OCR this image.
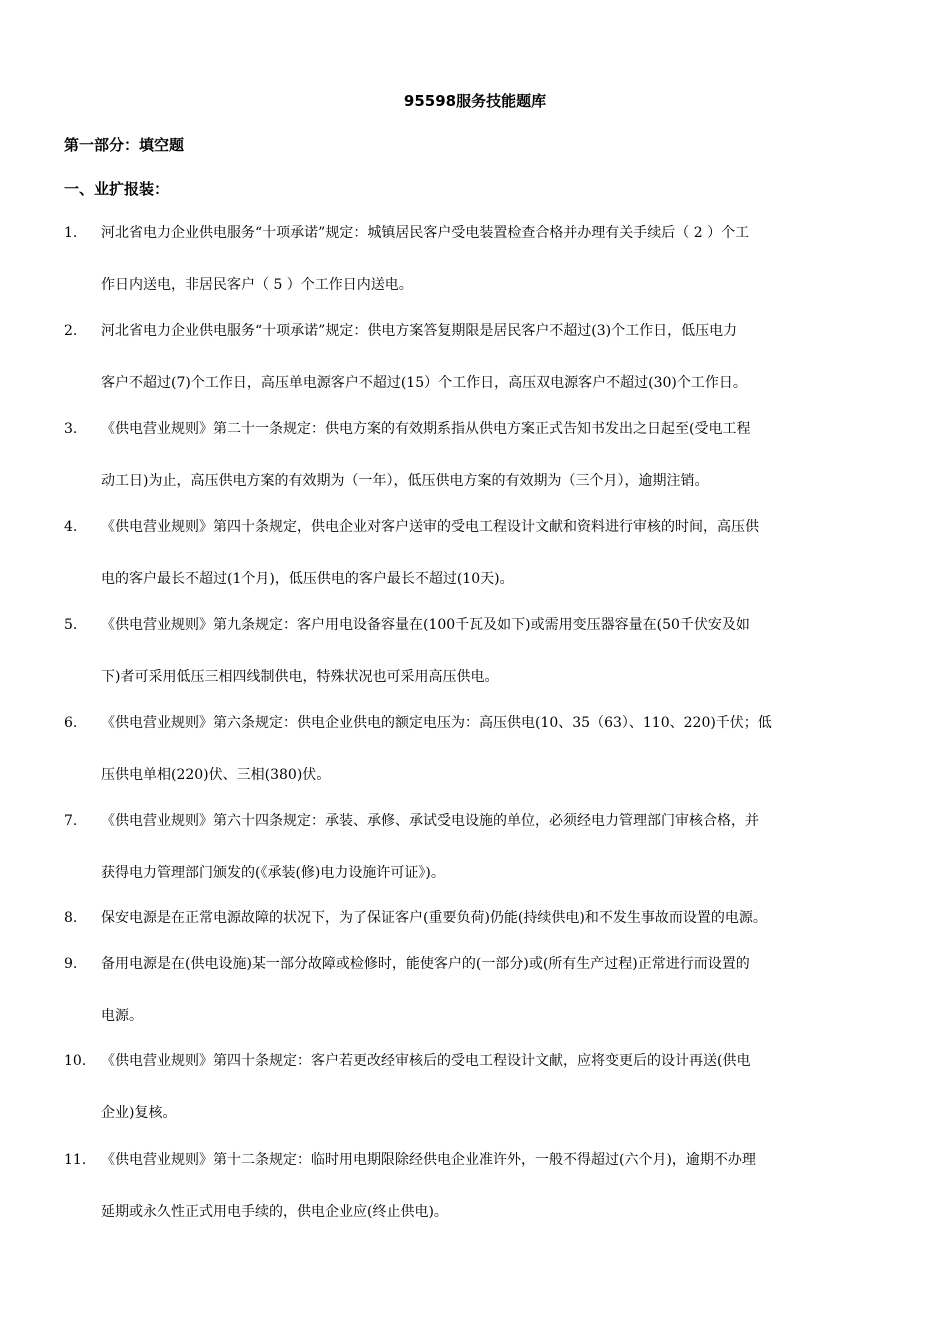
95598服务技能题库
第一部分：填空题
一、业扩报装：
1.	河北省电力企业供电服务“十项承诺”规定：城镇居民客户受电装置检查合格并办理有关手续后（ 2 ）个工
作日内送电，非居民客户（ 5 ）个工作日内送电。
2.	河北省电力企业供电服务“十项承诺”规定：供电方案答复期限是居民客户不超过(3)个工作日，低压电力
客户不超过(7)个工作日，高压单电源客户不超过(15）个工作日，高压双电源客户不超过(30)个工作日。
3.	《供电营业规则》第二十一条规定：供电方案的有效期系指从供电方案正式告知书发出之日起至(受电工程
动工日)为止，高压供电方案的有效期为（一年），低压供电方案的有效期为（三个月），逾期注销。
4.	《供电营业规则》第四十条规定，供电企业对客户送审的受电工程设计文献和资料进行审核的时间，高压供
电的客户最长不超过(1个月)，低压供电的客户最长不超过(10天)。
5.	《供电营业规则》第九条规定：客户用电设备容量在(100千瓦及如下)或需用变压器容量在(50千伏安及如
下)者可采用低压三相四线制供电，特殊状况也可采用高压供电。
6.	《供电营业规则》第六条规定：供电企业供电的额定电压为：高压供电(10、35（63）、110、220)千伏；低
压供电单相(220)伏、三相(380)伏。
7.	《供电营业规则》第六十四条规定：承装、承修、承试受电设施的单位，必须经电力管理部门审核合格，并
获得电力管理部门颁发的(《承装(修)电力设施许可证》)。
8.	保安电源是在正常电源故障的状况下，为了保证客户(重要负荷)仍能(持续供电)和不发生事故而设置的电源。
9.	备用电源是在(供电设施)某一部分故障或检修时，能使客户的(一部分)或(所有生产过程)正常进行而设置的
电源。
10.	《供电营业规则》第四十条规定：客户若更改经审核后的受电工程设计文献，应将变更后的设计再送(供电
企业)复核。
11.	《供电营业规则》第十二条规定：临时用电期限除经供电企业准许外，一般不得超过(六个月)，逾期不办理
延期或永久性正式用电手续的，供电企业应(终止供电)。
